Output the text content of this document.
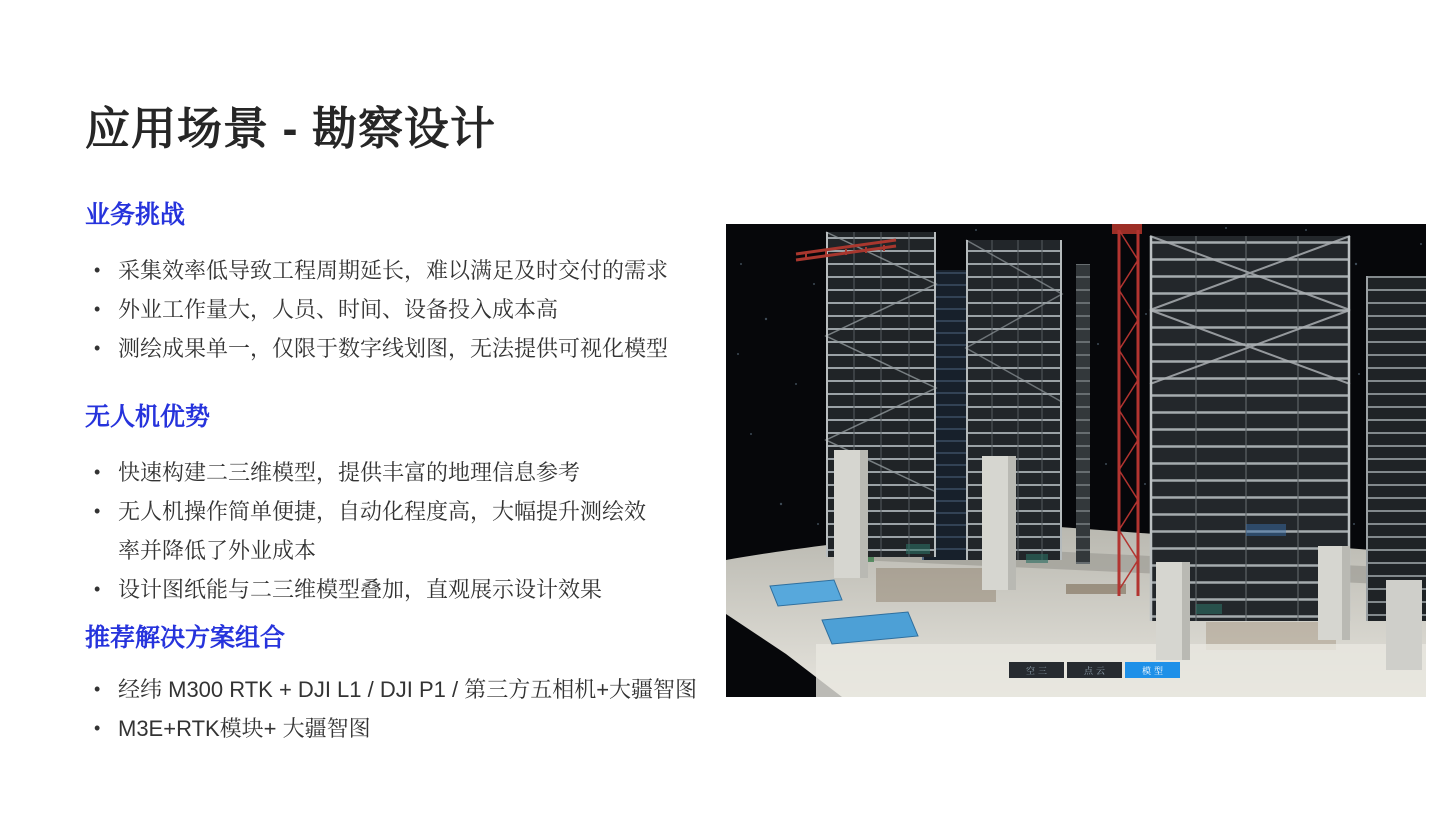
应用场景 - 勘察设计
业务挑战
• 采集效率低导致工程周期延长，难以满足及时交付的需求
• 外业工作量大，人员、时间、设备投入成本高
• 测绘成果单一，仅限于数字线划图，无法提供可视化模型
无人机优势
• 快速构建二三维模型，提供丰富的地理信息参考
• 无人机操作简单便捷，自动化程度高，大幅提升测绘效率并降低了外业成本
• 设计图纸能与二三维模型叠加，直观展示设计效果
推荐解决方案组合
• 经纬 M300 RTK + DJI L1 / DJI P1 / 第三方五相机+大疆智图
• M3E+RTK模块+ 大疆智图
空三	点云	模型
